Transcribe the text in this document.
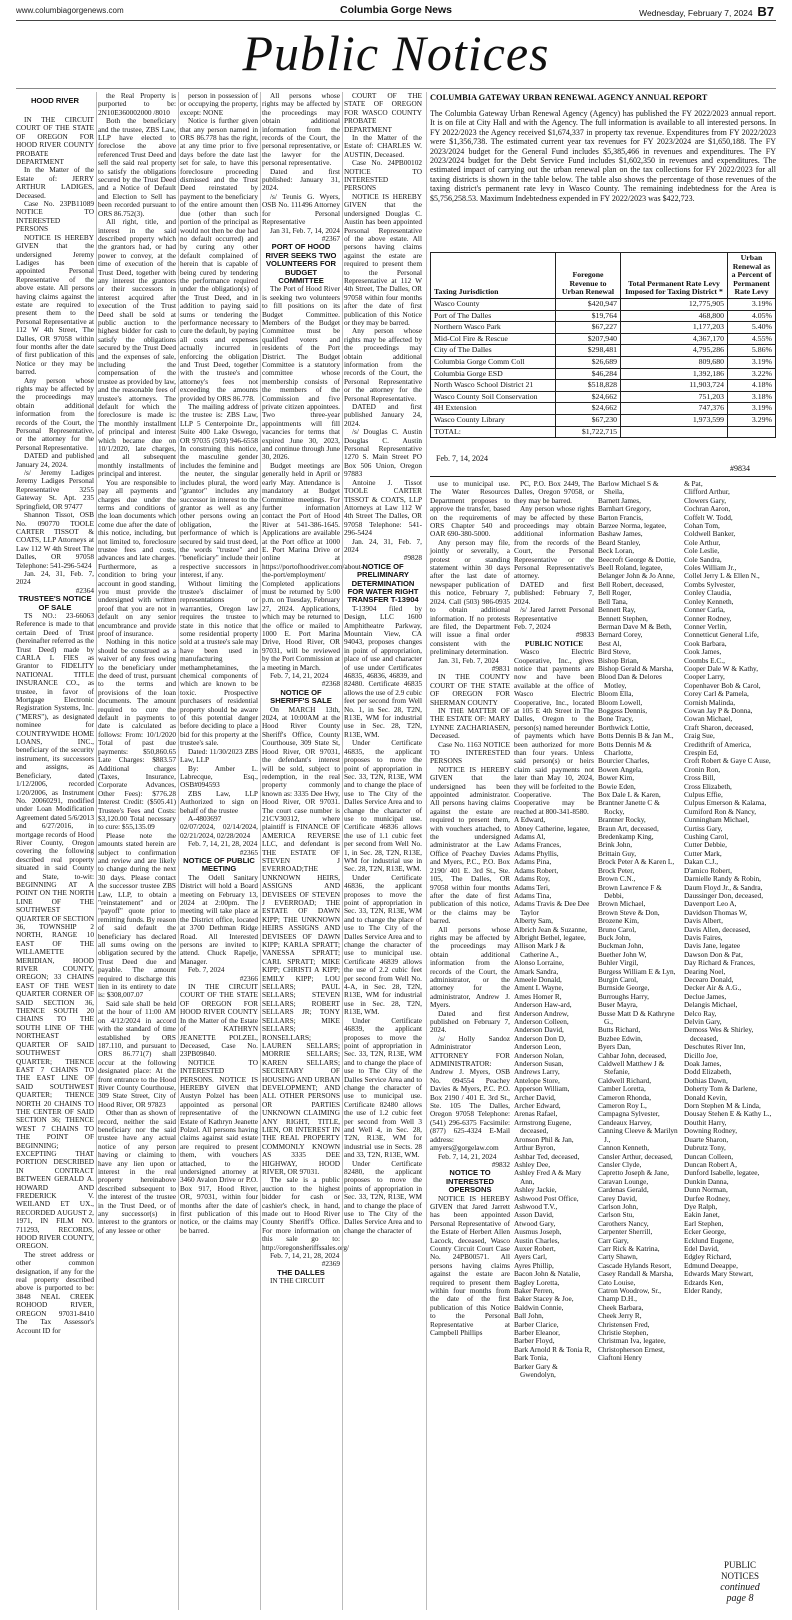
www.columbiagorgenews.com	Columbia Gorge News	Wednesday, February 7, 2024 B7
Public Notices
HOOD RIVER

IN THE CIRCUIT COURT OF THE STATE OF OREGON FOR HOOD RIVER COUNTY PROBATE DEPARTMENT

In the Matter of the Estate of: JERRY ARTHUR LADIGES, Deceased.

Case No. 23PB11089 NOTICE TO INTERESTED PERSONS

NOTICE IS HEREBY GIVEN that the undersigned Jeremy Ladiges has been appointed Personal Representative of the above estate. All persons having claims against the estate are required to present them to the Personal Representative at 112 W 4th Street, The Dalles, OR 97058 within four months after the date of first publication of this Notice or they may be barred.

Any person whose rights may be affected by the proceedings may obtain additional information from the records of the Court, the Personal Representative, or the attorney for the Personal Representative.

DATED and published January 24, 2024.

/s/ Jeremy Ladiges Jeremy Ladiges Personal Representative 3255 Gateway St. Apt. 235 Springfield, OR 97477

Shannon Tissot, OSB No. 090770 TOOLE CARTER TISSOT & COATS, LLP Attorneys at Law 112 W 4th Street The Dalles, OR 97058 Telephone: 541-296-5424

Jan. 24, 31, Feb. 7, 2024

#2364

TRUSTEE'S NOTICE OF SALE

TS NO.: 23-66063 Reference is made to that certain Deed of Trust (hereinafter referred as the Trust Deed) made by CARLA L FIES as Grantor to FIDELITY NATIONAL TITLE INSURANCE CO., as trustee, in favor of Mortgage Electronic Registration Systems, Inc. ("MERS"), as designated nominee for COUNTRYWIDE HOME LOANS, INC., beneficiary of the security instrument, its successors and assigns, as Beneficiary, dated 1/12/2006, recorded 1/20/2006, as Instrument No. 20060291, modified under Loan Modification Agreement dated 5/6/2013 and 6/27/2016, in mortgage records of Hood River County, Oregon covering the following described real property situated in said County and State, to-wit: BEGINNING AT A POINT ON THE NORTH LINE OF THE SOUTHWEST QUARTER OF SECTION 36, TOWNSHIP 2 NORTH, RANGE 10 EAST OF THE WILLAMETTE MERIDIAN, HOOD RIVER COUNTY, OREGON; 33 CHAINS EAST OF THE WEST QUARTER CORNER OF SAID SECTION 36, THENCE SOUTH 20 CHAINS TO THE SOUTH LINE OF THE NORTHEAST QUARTER OF SAID SOUTHWEST QUARTER; THENCE EAST 7 CHAINS TO THE EAST LINE OF SAID SOUTHWEST QUARTER; THENCE NORTH 20 CHAINS TO THE CENTER OF SAID SECTION 36; THENCE WEST 7 CHAINS TO THE POINT OF BEGINNING; EXCEPTING THAT PORTION DESCRIBED IN CONTRACT BETWEEN GERALD A. HOWARD AND FREDERICK V. WEILAND ET UX., RECORDED AUGUST 2, 1971, IN FILM NO. 711293, RECORDS, HOOD RIVER COUNTY, OREGON.

The street address or other common designation, if any for the real property described above is purported to be: 3848 NEAL CREEK ROHOOD RIVER, OREGON 97031-8410 The Tax Assessor's Account ID for

the Real Property is purported to be: 2N10E360002000 /8010

Both the beneficiary and the trustee, ZBS Law, LLP have elected to foreclose the above referenced Trust Deed and sell the said real property to satisfy the obligations secured by the Trust Deed and a Notice of Default and Election to Sell has been recorded pursuant to ORS 86.752(3).

All right, title, and interest in the said described property which the grantors had, or had power to convey, at the time of execution of the Trust Deed, together with any interest the grantors or their successors in interest acquired after execution of the Trust Deed shall be sold at public auction to the highest bidder for cash to satisfy the obligations secured by the Trust Deed and the expenses of sale, including the compensation of the trustee as provided by law, and the reasonable fees of trustee's attorneys. The default for which the foreclosure is made is: The monthly installment of principal and interest which became due on 10/1/2020, late charges, and all subsequent monthly installments of principal and interest.

You are responsible to pay all payments and charges due under the terms and conditions of the loan documents which come due after the date of this notice, including, but not limited to, foreclosure trustee fees and costs, advances and late charges. Furthermore, as a condition to bring your account in good standing, you must provide the undersigned with written proof that you are not in default on any senior encumbrance and provide proof of insurance.

Nothing in this notice should be construed as a waiver of any fees owing to the beneficiary under the deed of trust, pursuant to the terms and provisions of the loan documents. The amount required to cure the default in payments to date is calculated as follows: From: 10/1/2020 Total of past due payments: $50,860.65 Late Charges: $883.57 Additional charges (Taxes, Insurance, Corporate Advances, Other Fees): $776.28 Interest Credit: ($505.41) Trustee's Fees and Costs: $3,120.00 Total necessary to cure: $55,135.09

Please note the amounts stated herein are subject to confirmation and review and are likely to change during the next 30 days. Please contact the successor trustee ZBS Law, LLP, to obtain a "reinstatement" and or "payoff" quote prior to remitting funds. By reason of said default the beneficiary has declared all sums owing on the obligation secured by the Trust Deed due and payable. The amount required to discharge this lien in its entirety to date is: $308,007.07

Said sale shall be held at the hour of 11:00 AM on 4/12/2024 in accord with the standard of time established by ORS 187.110, and pursuant to ORS 86.771(7) shall occur at the following designated place: At the front entrance to the Hood River County Courthouse, 309 State Street, City of Hood River, OR 97823

Other than as shown of record, neither the said beneficiary nor the said trustee have any actual notice of any person having or claiming to have any lien upon or interest in the real property hereinabove described subsequent to the interest of the trustee in the Trust Deed, or of any successor(s) in interest to the grantors or of any lessee or other

person in possession of or occupying the property, except: NONE

Notice is further given that any person named in ORS 86.778 has the right, at any time prior to five days before the date last set for sale, to have this foreclosure proceeding dismissed and the Trust Deed reinstated by payment to the beneficiary of the entire amount then due (other than such portion of the principal as would not then be due had no default occurred) and by curing any other default complained of herein that is capable of being cured by tendering the performance required under the obligation(s) of the Trust Deed, and in addition to paying said sums or tendering the performance necessary to cure the default, by paying all costs and expenses actually incurred in enforcing the obligation and Trust Deed, together with the trustee's and attorney's fees not exceeding the amounts provided by ORS 86.778.

The mailing address of the trustee is: ZBS Law, LLP 5 Centerpointe Dr., Suite 400 Lake Oswego, OR 97035 (503) 946-6558 In construing this notice, the masculine gender includes the feminine and the neuter, the singular includes plural, the word "grantor" includes any successor in interest to the grantor as well as any other persons owing an obligation, the performance of which is secured by said trust deed, the words "trustee" and "beneficiary" include their respective successors in interest, if any.

Without limiting the trustee's disclaimer of representations or warranties, Oregon law requires the trustee to state in this notice that some residential property sold at a trustee's sale may have been used in manufacturing methamphetamines, the chemical components of which are known to be toxic. Prospective purchasers of residential property should be aware of this potential danger before deciding to place a bid for this property at the trustee's sale.

Dated: 11/30/2023 ZBS Law, LLP

By: Amber L. Labrecque, Esq., OSB#094593

ZBS Law, LLP Authorized to sign on behalf of the trustee

A-4803697 02/07/2024, 02/14/2024, 02/21/2024, 02/28/2024

Feb. 7, 14, 21, 28, 2024

#2365

NOTICE OF PUBLIC MEETING

The Odell Sanitary District will hold a Board meeting on February 13, 2024 at 2:00pm. The meeting will take place at the District office, located at 3700 Dethman Ridge Road. All Interested persons are invited to attend. Chuck Rapelje, Manager.

Feb. 7, 2024

#2366

IN THE CIRCUIT COURT OF THE STATE OF OREGON FOR HOOD RIVER COUNTY In the Matter of the Estate of KATHRYN JEANETTE POLZEL, Deceased, Case No. 23PB09840.

NOTICE TO INTERESTED PERSONS. NOTICE IS HEREBY GIVEN that Austyn Polzel has been appointed as personal representative of the Estate of Kathryn Jeanette Polzel. All persons having claims against said estate are required to present them, with vouchers attached, to the undersigned attorney at 3460 Avalon Drive or P.O. Box 917, Hood River, OR, 97031, within four months after the date of first publication of this notice, or the claims may be barred.

All persons whose rights may be affected by the proceedings may obtain additional information from the records of the Court, the personal representative, or the lawyer for the personal representative.

Dated and first published: January 31, 2024.

/s/ Teunis G. Wyers, OSB No. 111496 Attorney for Personal Representative

Jan 31, Feb. 7, 14, 2024

#2367

PORT OF HOOD RIVER SEEKS TWO VOLUNTEERS FOR BUDGET COMMITTEE

The Port of Hood River is seeking two volunteers to fill positions on its Budget Committee. Members of the Budget Committee must be qualified voters and residents of the Port District. The Budget Committee is a statutory committee whose membership consists of the members of the Commission and five private citizen appointees. Two three-year appointments will fill vacancies for terms that expired June 30, 2023, and continue through June 30, 2026.

Budget meetings are generally held in April or early May. Attendance is mandatory at Budget Committee meetings. For further information contact the Port of Hood River at 541-386-1645. Applications are available at the Port office at 1000 E. Port Marina Drive or online at https://portofhoodriver.com/about-the-port/employment/ Completed applications must be returned by 5:00 p.m. on Tuesday, February 27, 2024. Applications, which may be returned to the office or mailed to 1000 E. Port Marina Drive, Hood River, OR 97031, will be reviewed by the Port Commission at a meeting in March.

Feb. 7, 14, 21, 2024

#2368

NOTICE OF SHERIFF'S SALE

On MARCH 13th, 2024, at 10:00AM at the Hood River County Sheriff's Office, County Courthouse, 309 State St, Hood River, OR 97031, the defendant's interest will be sold, subject to redemption, in the real property commonly known as: 3335 Dee Hwy, Hood River, OR 97031. The court case number is 21CV30312, where plaintiff is FINANCE OF AMERICA REVERSE LLC, and defendant is THE ESTATE OF STEVEN J EVERROAD;THE UNKNOWN HEIRS, ASSIGNS AND DEVISEES OF STEVEN J EVERROAD; THE ESTATE OF DAWN KIPP; THE UNKNOWN HEIRS ASSIGNS AND DEVISEES OF DAWN KIPP; KARLA SPRATT; VANESSA SPRATT; CARL SPRATT; MIKE KIPP; CHRISTI A KIPP; EMILY KIPP; LOU SELLARS; PAUL SELLARS; STEVEN SELLARS; ROBERT SELLARS JR; TONY SELLARS; MIKE SELLARS; RONSELLARS; LAUREN SELLARS; MORRIE SELLARS; KAREN SELLARS; SECRETARY OF HOUSING AND URBAN DEVELOPMENT; AND ALL OTHER PERSONS OR PARTIES UNKNOWN CLAIMING ANY RIGHT, TITLE, LIEN, OR INTEREST IN THE REAL PROPERTY COMMONLY KNOWN AS 3335 DEE HIGHWAY, HOOD RIVER, OR 97031.

The sale is a public auction to the highest bidder for cash or cashier's check, in hand, made out to Hood River County Sheriff's Office. For more information on this sale go to: http://oregonsheriffssales.org/

Feb. 7, 14, 21, 28, 2024

#2369

THE DALLES

IN THE CIRCUIT

COURT OF THE STATE OF OREGON FOR WASCO COUNTY PROBATE DEPARTMENT

In the Matter of the Estate of: CHARLES W. AUSTIN, Deceased.

Case No. 24PB00102 NOTICE TO INTERESTED PERSONS

NOTICE IS HEREBY GIVEN that the undersigned Douglas C. Austin has been appointed Personal Representative of the above estate. All persons having claims against the estate are required to present them to the Personal Representative at 112 W 4th Street, The Dalles, OR 97058 within four months after the date of first publication of this Notice or they may be barred.

Any person whose rights may be affected by the proceedings may obtain additional information from the records of the Court, the Personal Representative or the attorney for the Personal Representative.

DATED and first published January 24, 2024.

/s/ Douglas C. Austin Douglas C. Austin Personal Representative 1270 S. Main Street PO Box 506 Union, Oregon 97883

Antoine J. Tissot TOOLE CARTER TISSOT & COATS, LLP Attorneys at Law 112 W 4th Street The Dalles, OR 97058 Telephone: 541-296-5424

Jan. 24, 31, Feb. 7, 2024

#9828

NOTICE OF PRELIMINARY DETERMINATION FOR WATER RIGHT TRANSFER T-13904

T-13904 filed by Design, LLC 1600 Amphitheatre Parkway, Mountain View, CA 94043, proposes changes in point of appropriation, place of use and character of use under Certificates 46835, 46836, 46839, and 82480. Certificate 46835 allows the use of 2.9 cubic feet per second from Well No. 1, in Sec. 28, T2N, R13E, WM for industrial use in Sec. 28, T2N, R13E, WM.

Under Certificate 46835, the applicant proposes to move the point of appropriation in Sec. 33, T2N, R13E, WM and to change the place of use to The City of the Dalles Service Area and to change the character of use to municipal use. Certificate 46836 allows the use of 1.1 cubic feet per second from Well No. 1, in Sec. 28, T2N, R13E, WM for industrial use in Sec. 28, T2N, R13E, WM.

Under Certificate 46836, the applicant proposes to move the point of appropriation in Sec. 33, T2N, R13E, WM and to change the place of use to The City of the Dalles Service Area and to change the character of use to municipal use. Certificate 46839 allows the use of 2.2 cubic feet per second from Well No. 4-A, in Sec. 28, T2N, R13E, WM for industrial use in Sec. 28, T2N, R13E, WM.

Under Certificate 46839, the applicant proposes to move the point of appropriation in Sec. 33, T2N, R13E, WM and to change the place of use to The City of the Dalles Service Area and to change the character of use to municipal use. Certificate 82480 allows the use of 1.2 cubic feet per second from Well 3 and Well 4, in Sec. 28, T2N, R13E, WM for industrial use in Sects. 28 and 33, T2N, R13E, WM.

Under Certificate 82480, the applicant proposes to move the points of appropriation in Sec. 33, T2N, R13E, WM and to change the place of use to The City of the Dalles Service Area and to change the character of

COLUMBIA GATEWAY URBAN RENEWAL AGENCY ANNUAL REPORT
The Columbia Gateway Urban Renewal Agency (Agency) has published the FY 2022/2023 annual report. It is on file at City Hall and with the Agency. The full information is available to all interested persons. In FY 2022/2023 the Agency received $1,674,337 in property tax revenue. Expenditures from FY 2022/2023 were $1,356,738. The estimated current year tax revenues for FY 2023/2024 are $1,650,188. The FY 2023/2024 budget for the General Fund includes $5,385,466 in revenues and expenditures. The FY 2023/2024 budget for the Debt Service Fund includes $1,602,350 in revenues and expenditures. The estimated impact of carrying out the urban renewal plan on the tax collections for FY 2022/2023 for all taxing districts is shown in the table below. The table also shows the percentage of those revenues of the taxing district's permanent rate levy in Wasco County. The remaining indebtedness for the Area is $5,756,258.53. Maximum Indebtedness expended in FY 2022/2023 was $422,723.
Taxing Jurisdiction	Foregone Revenue to Urban Renewal	Total Permanent Rate Levy Imposed for Taxing District *	Urban Renewal as a Percent of Permanent Rate Levy
Wasco County	$420,947	12,775,905	3.19%
Port of The Dalles	$19,764	468,800	4.05%
Northern Wasco Park	$67,227	1,177,203	5.40%
Mid-Col Fire & Rescue	$207,940	4,367,170	4.55%
City of The Dalles	$298,481	4,795,286	5.86%
Columbia Gorge Comm Coll	$26,689	809,680	3.19%
Columbia Gorge ESD	$46,284	1,392,186	3.22%
North Wasco School District 21	$518,828	11,903,724	4.18%
Wasco County Soil Conservation	$24,662	751,203	3.18%
4H Extension	$24,662	747,376	3.19%
Wasco County Library	$67,230	1,973,599	3.29%
TOTAL:	$1,722,715		
Feb. 7, 14, 2024
#9834

use to municipal use. The Water Resources Department proposes to approve the transfer, based on the requirements of ORS Chapter 540 and OAR 690-380-5000.

Any person may file, jointly or severally, a protest or standing statement within 30 days after the last date of newspaper publication of this notice, February 7, 2024. Call (503) 986-0935 to obtain additional information. If no protests are filed, the Department will issue a final order consistent with the preliminary determination.

Jan. 31, Feb. 7, 2024

#9831

IN THE COUNTY COURT OF THE STATE OF OREGON FOR SHERMAN COUNTY

IN THE MATTER OF THE ESTATE OF: MARY LYNNE ZACHARIASEN, Deceased.

Case No. 1163 NOTICE TO INTERESTED PERSONS

NOTICE IS HEREBY GIVEN that the undersigned has been appointed administrator. All persons having claims against the estate are required to present them, with vouchers attached, to the undersigned administrator at the Law Office of Peachey Davies and Myers, P.C., P.O. Box 2190/ 401 E. 3rd St., Ste. 105, The Dalles, OR 97058 within four months after the date of first publication of this notice, or the claims may be barred.

All persons whose rights may be affected by the proceedings may obtain additional information from the records of the Court, the administrator, or the attorney for the administrator, Andrew J. Myers.

Dated and first published on February 7, 2024.

/s/ Holly Sandoz Administrator ATTORNEY FOR ADMINISTRATOR: Andrew J. Myers, OSB No. 094554 Peachey Davies & Myers, P.C. P.O. Box 2190 / 401 E. 3rd St., Ste. 105 The Dalles, Oregon 97058 Telephone: (541) 296-6375 Facsimile: (877) 625-4324 E-Mail address: amyers@gorgelaw.com

Feb. 7, 14, 21, 2024

#9832

NOTICE TO INTERESTED OPERSONS

NOTICE IS HEREBY GIVEN that Jared Jarrett has been appointed Personal Representative of the Estate of Herbert Allen Lacock, deceased, Wasco County Circuit Court Case No. 24PB00571. All persons having claims against the estate are required to present them within four months from the date of the first publication of this Notice to the Personal Representative at Campbell Phillips

PC, P.O. Box 2449, The Dalles, Oregon 97058, or they may be barred.
Any person whose rights may be affected by these proceedings may obtain additional information from the records of the Court, the Personal Representative or the Personal Representative's attorney.
DATED and first published: February 7, 2024.
/s/ Jared Jarrett Personal Representative
Feb. 7, 2024
#9833
PUBLIC NOTICE
Wasco Electric Cooperative, Inc., gives notice that payments are now and have been available at the office of Wasco Electric Cooperative, Inc., located at 105 E 4th Street in The Dalles, Oregon to the person(s) named hereunder of payments which have been authorized for more than four years. Unless said person(s) or heirs claim said payments not later than May 10, 2024, they will be forfeited to the Cooperative. The Cooperative may be reached at 800-341-8580.
A Edward,
Abney Catherine, legatee,
Adams Al,
Adams Frances,
Adams Phyllis,
Adams Pina,
Adams Robert,
Adams Roy,
Adams Teri,
Adams Tina,
Adams Travis & Dee Dee Taylor
Alberty Sam,
Albrich Jean & Suzanne,
Albright Bethel, legatee,
Allison Mark J & Catherine A.,
Alonso Lorraine,
Amark Sandra,
Ameele Donald,
Ament L Wayne,
Ames Homer R,
Anderson Haw-ard,
Anderson Andrew,
Anderson Colleen,
Anderson David,
Anderson Don D,
Anderson Leon,
Anderson Nolan,
Anderson Susan,
Andrews Larry,
Antelope Store,
Apperson William,
Archer David,
Archer Edward,
Arenas Rafael,
Armstrong Eugene, deceased,
Aronson Phil & Jan,
Arthur Byron,
Ashbar Ted, deceased,
Ashley Dee,
Ashley Fred A & Mary Ann,
Ashley Jackie,
Ashwood Post Office,
Ashwood T.V.,
Asson David,
Atwood Gary,
Ausmus Joseph,
Austin Charles,
Auxer Robert,
Ayers Carl,
Ayres Phillip,
Bacon John & Natalie,
Bagley Loretta,
Baker Perren,
Baker Stacey & Joe,
Baldwin Connie,
Ball John,
Barber Clarice,
Barber Eleanor,
Barber Floyd,
Bark Arnold R & Tonia R,
Bark Tonia,
Barker Gary & Gwendolyn,
Barlow Michael S & Sheila,
Barnett James,
Barnhart Gregory,
Barton Francis,
Barzee Norma, legatee,
Bashaw James,
Beard Stanley,
Beck Loran,
Beecroft George & Dottie,
Beell Roland, legatee,
Belanger John & Jo Anne,
Bell Robert, deceased,
Bell Roger,
Bell Tana,
Bennett Ray,
Bennett Stephen,
Berman Dave M & Beth,
Bernard Corey,
Best Al,
Bird Steve,
Bishop Brian,
Bishop Gerald & Marsha,
Blood Dan & Delores Motley,
Bloom Ella,
Bloom Lowell,
Boggess Dennis,
Bone Tracy,
Borthwick Lottie,
Botts Dennis B & Jan M.,
Botts Dennis M & Charlotte,
Bourcier Charles,
Bowen Angela,
Bower Kim,
Bowie Eden,
Box Dale L & Karen,
Brantner Janette C & Rocky,
Brantner Rocky,
Braun Art, deceased,
Bredenkamp King,
Brink John,
Brittain Guy,
Brock Peter A & Karen L,
Brock Peter,
Brown C.N.,
Brown Lawrence F & Debbi,
Brown Michael,
Brown Steve & Don,
Brozene Kim,
Bruno Carol,
Buck John,
Buckman John,
Buether John W,
Buhler Virgil,
Burgess William E & Lyn,
Burgin Carol,
Burnside George,
Burroughs Harry,
Buser Mayra,
Busse Matt D & Kathryne G.,
Butts Richard,
Buzbee Edwin,
Byers Dan,
Cahbar John, deceased,
Caldwell Matthew J & Stefanie,
Caldwell Richard,
Camber Loretta,
Cameron Rhonda,
Cameron Roy L,
Campagna Sylvester,
Candeaux Harvey,
Canning Cleeve & Marilyn J.,
Cannon Kenneth,
Cansler Arthur, deceased,
Cansler Clyde,
Capretto Joseph & Jane,
Caravan Lounge,
Cardenas Gerald,
Carey David,
Carlson John,
Carlson Stu,
Carothers Nancy,
Carpenter Sherrill,
Carr Gary,
Carr Rick & Katrina,
Carty Shawn,
Cascade Hylands Resort,
Casey Randall & Marsha,
Cato Louise,
Catron Woodrow, Sr.,
Champ D.H.,
Cheek Barbara,
Cheek Jerry R,
Christensen Fred,
Christie Stephen,
Christman Iva, legatee,
Christopherson Ernest,
Ciaftoni Henry
& Pat,
Clifford Arthur,
Clowers Gary,
Cochran Aaron,
Coffelt W. Todd,
Cohan Tom,
Coldwell Banker,
Cole Arthur,
Cole Leslie,
Cole Sandra,
Coles William Jr.,
Collel Jerry L & Ellen N.,
Combs Sylvester,
Conley Claudia,
Conley Kenneth,
Conner Carla,
Conner Rodney,
Conner Verlin,
Connetticut General Life,
Cook Barbara,
Cook James,
Coombs E.C.,
Cooper Dale W & Kathy,
Cooper Larry,
Copenhaver Bob & Carol,
Corey Carl & Pamela,
Cornish Malinda,
Cowan Jay P & Donna,
Cowan Michael,
Craft Sharon, deceased,
Craig Sue,
Credithrift of America,
Crespin Ed,
Croft Robert & Gaye C Ause,
Cronin Ron,
Cross Bill,
Cross Elizabeth,
Culpus Effie,
Culpus Emerson & Kalama,
Cumiford Ron & Nancy,
Cunningham Michael,
Curtiss Gary,
Cushing Carol,
Cutter Debbie,
Cutter Mark,
Dakan C.J.,
D'amico Robert,
Darnielle Randy & Robin,
Daum Floyd Jr., & Sandra,
Daussinger Don, deceased,
Davenport Leo A,
Davidson Thomas W,
Davis Albert,
Davis Allen, deceased,
Davis Faires,
Davis Jane, legatee
Dawson Don & Pat,
Day Richard & Frances,
Dearing Noel,
Decearo Donald,
Decker Air & A.G.,
Declue James,
Delangis Michael,
Delco Ray,
Delvin Gary,
Demoss Wes & Shirley, deceased,
Deschutes River Inn,
Dicillo Joe,
Doak James,
Dodd Elizabeth,
Dothias Dawn,
Doherty Tom & Darlene,
Donald Kevin,
Dorn Stephen M & Linda,
Dousay Stehen E & Kathy L.,
Douthit Harry,
Downing Rodney,
Duarte Sharon,
Dubrutz Tony,
Duncan Colleen,
Duncan Robert A,
Dunford Isabelle, legatee,
Dunkin Danna,
Dunn Norman,
Durfee Rodney,
Dye Ralph,
Eakin Janet,
Earl Stephen,
Ecker George,
Ecklund Eugene,
Edel David,
Edgley Richard,
Edmund Deeappe,
Edwards Mary Stewart,
Edzards Ken,
Elder Randy,
PUBLIC NOTICES
continued
page 8
